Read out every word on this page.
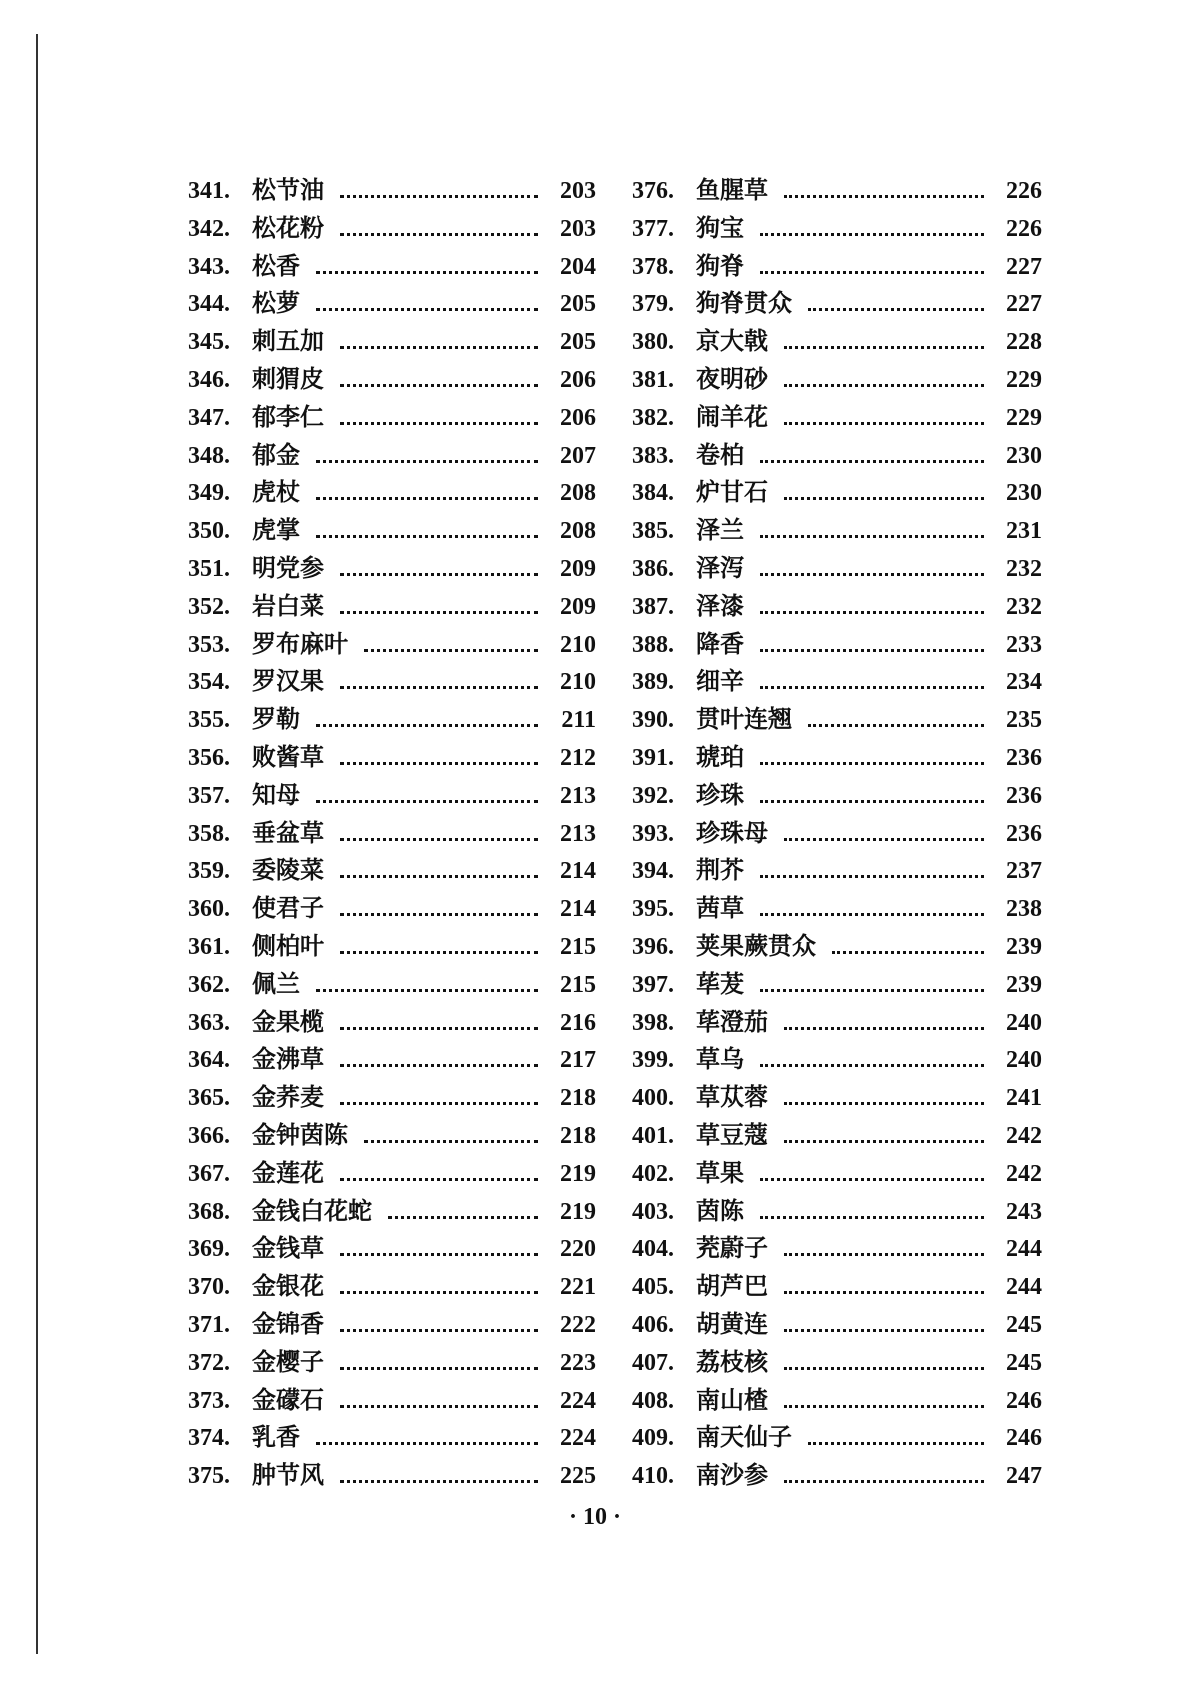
341. 松节油	203
342. 松花粉	203
343. 松香	204
344. 松萝	205
345. 刺五加	205
346. 刺猬皮	206
347. 郁李仁	206
348. 郁金	207
349. 虎杖	208
350. 虎掌	208
351. 明党参	209
352. 岩白菜	209
353. 罗布麻叶	210
354. 罗汉果	210
355. 罗勒	211
356. 败酱草	212
357. 知母	213
358. 垂盆草	213
359. 委陵菜	214
360. 使君子	214
361. 侧柏叶	215
362. 佩兰	215
363. 金果榄	216
364. 金沸草	217
365. 金荞麦	218
366. 金钟茵陈	218
367. 金莲花	219
368. 金钱白花蛇	219
369. 金钱草	220
370. 金银花	221
371. 金锦香	222
372. 金樱子	223
373. 金礞石	224
374. 乳香	224
375. 肿节风	225
376. 鱼腥草	226
377. 狗宝	226
378. 狗脊	227
379. 狗脊贯众	227
380. 京大戟	228
381. 夜明砂	229
382. 闹羊花	229
383. 卷柏	230
384. 炉甘石	230
385. 泽兰	231
386. 泽泻	232
387. 泽漆	232
388. 降香	233
389. 细辛	234
390. 贯叶连翘	235
391. 琥珀	236
392. 珍珠	236
393. 珍珠母	236
394. 荆芥	237
395. 茜草	238
396. 荚果蕨贯众	239
397. 荜茇	239
398. 荜澄茄	240
399. 草乌	240
400. 草苁蓉	241
401. 草豆蔻	242
402. 草果	242
403. 茵陈	243
404. 茺蔚子	244
405. 胡芦巴	244
406. 胡黄连	245
407. 荔枝核	245
408. 南山楂	246
409. 南天仙子	246
410. 南沙参	247
· 10 ·
